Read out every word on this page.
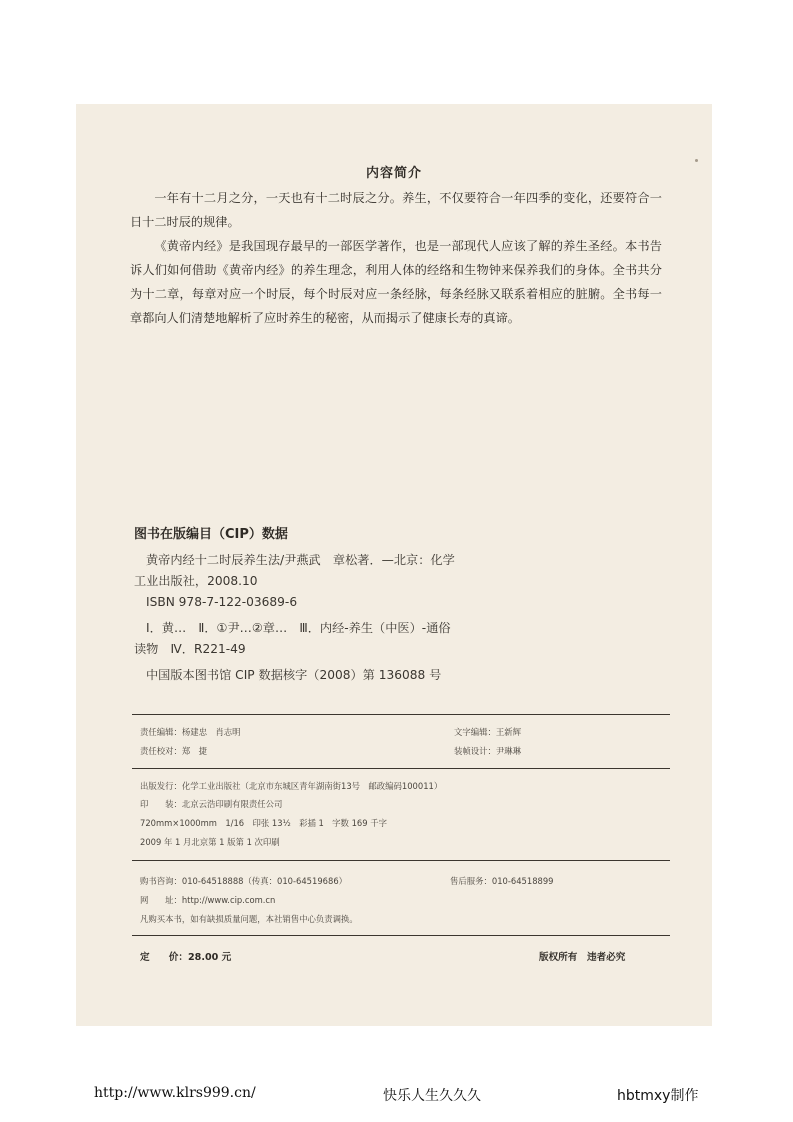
内容简介

一年有十二月之分，一天也有十二时辰之分。养生，不仅要符合一年四季的变化，还要符合一日十二时辰的规律。

《黄帝内经》是我国现存最早的一部医学著作，也是一部现代人应该了解的养生圣经。本书告诉人们如何借助《黄帝内经》的养生理念，利用人体的经络和生物钟来保养我们的身体。全书共分为十二章，每章对应一个时辰，每个时辰对应一条经脉，每条经脉又联系着相应的脏腑。全书每一章都向人们清楚地解析了应时养生的秘密，从而揭示了健康长寿的真谛。

图书在版编目（CIP）数据
黄帝内经十二时辰养生法/尹燕武　章松著．—北京：化学
工业出版社，2008.10
ISBN 978-7-122-03689-6
Ⅰ．黄…　Ⅱ．①尹…②章…　Ⅲ．内经-养生（中医）-通俗
读物　Ⅳ．R221-49
中国版本图书馆 CIP 数据核字（2008）第 136088 号
责任编辑：杨建忠　肖志明	文字编辑：王新辉
责任校对：郑　捷	装帧设计：尹琳琳
出版发行：化学工业出版社（北京市东城区青年湖南街13号　邮政编码100011）
印　　装：北京云浩印刷有限责任公司
720mm×1000mm　1/16　印张 13½　彩插 1　字数 169 千字
2009 年 1 月北京第 1 版第 1 次印刷
购书咨询：010-64518888（传真：010-64519686）	售后服务：010-64518899
网　　址：http://www.cip.com.cn
凡购买本书，如有缺损质量问题，本社销售中心负责调换。
定　　价：28.00 元	版权所有　违者必究
http://www.klrs999.cn/	快乐人生久久久	hbtmxy制作
